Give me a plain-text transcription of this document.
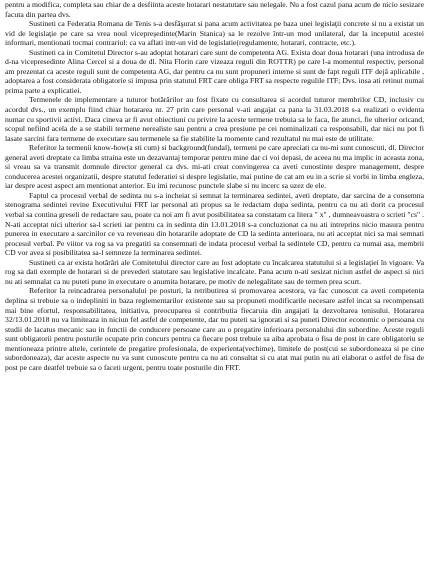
pentru a modifica, completa sau chiar de a desfiinta aceste hotarari nestatutare sau nelegale. Nu a fost cazul pana acum de niciо sesizare facuta din partea dvs.

Sustineti ca Federatia Romana de Tenis s-a desfăşurat si pana acum activitatea pe baza unei legislaţii concrete si nu a existat un vid de legislaţie pe care sa vrea noul vicepreşedinte(Marin Stanica) sa le rezolve într-un mod unilateral, dar la inceputul acestei informari, mentionati tocmai contrariul: ca va aflati intr-un vid de legislatie(regulamente, hotarari, contracte, etc.).

Sustineti ca in Comitetul Director s-au adoptat hotarari care sunt de competenta AG. Exista doar doua hotarari (una introdusa de d-na vicepresedinte Alina Cercel si a doua de dl. Nita Florin care vizeaza reguli din ROTTR) pe care l-a momentul respectiv, personal am prezentat ca aceste reguli sunt de competenta AG, dar pentru ca nu sunt propuneri interne si sunt de fapt reguli ITF dejă aplicabile , adoptarea a fost considerata obligatorie si impusa prin statutul FRT care obliga FRT sa respecte regulile ITF; Dvs. insa ati retinut numai prima parte a explicatiei.

Termenele de implementare a tuturor hotărârilor au fost fixate cu consultarea si acordul tuturor membrilor CD, inclusiv cu acordul dvs., un exemplu fiind chiar hotararea nr. 27 prin care personal v-ati angajat ca pana la 31.03.2018 s-a realizati o evidenta numar cu sportivii activi. Daca cineva ar fi avut obiectiuni cu privire la aceste termene trebuia sa le faca, fie atunci, fie ulterior oricand, scopul nefiind acela de a se stabili termene nerealiste sau pentru a crea presiune pe cei nominalizati ca responsabili, dar nici nu pot fi lasate sarcini fara termene de executare sau termenele sa fie stabilite la momente cand rezultatul nu mai este de utilitate.

Referitor la termenii know-how(a sti cum) si background(fundal), termeni pe care apreciati ca nu-mi sunt cunoscuti, dl. Director general aveti dreptate ca limba straina este un dezavantaj temporar pentru mine dar ci voi depasi, de aceea nu ma implic in aceasta zona, si vreau sa va transmit domnule director general ca dvs. mi-ati creat convingerea ca aveti cunostinte despre management, despre conducerea acestei organizatii, despre statutul federatiei si despre legislatie, mai putine de cat am eu in a scrie si vorbi in limba engleza, iar despre acest aspect am mentionat anterior. Eu imi recunosc punctele slabe si nu incerc sa uzez de ele.

Faptul ca procesul verbal de sedinta nu s-a incheiat si semnat la terminarea sedintei, aveti dreptate, dar sarcina de a consemna stenograma sedintei revine Executivului FRT iar personal ati propus sa le redactam dupa sedinta, pentru ca nu ati dorit ca procesul verbal sa contina greseli de redactare sau, poate ca noi am fi avut posibilitatea sa constatam ca litera " x" , dumneavoastra o scrieti "cs" . N-ati acceptat nici ulterior sa-l scrieti iar pentru ca in sedinta din 13.01.2018 s-a concluzionat ca nu ati intreprins nicio masura pentru punerea in executare a sarcinilor ce va reveneau din hotararile adoptate de CD la sedinta anterioara, nu ati acceptat nici sa mai semnati procesul verbal. Pe viitor va rog sa va pregatiti sa consemnati de indata procesul verbal la sedintele CD, pentru ca numai asa, membrii CD vor avea si posibilitatea sa-l semneze la terminarea sedintei.

Sustineti ca ar exista hotărâri ale Comitetului director care au fost adoptate cu încalcarea statutului si a legislaţiei în vigoare. Va rog sa dati exemple de hotarari si de prevederi statutare sau legislative incalcate. Pana acum n-ati sesizat niciun astfel de aspect si nici nu ati semnalat ca nu puteti pune in executare o anumita hotarare, pe motiv de nelegalitate sau de termen prea scurt.

Referitor la reincadrarea personalului pe posturi, la retributirea si promovarea acestora, va fac cunoscut ca aveti competenta deplina si trebuie sa o indepliniti in baza reglementarilor existente sau sa propuneti modificarile necesare astfel incat sa recompensati mai bine efortul, responsabilitatea, initiativa, preocuparea si contributia fiecaruia din angajati la dezvoltarea tenisului. Hotararea 32/13.01.2018 nu va limiteaza in niciun fel astfel de competente, dar nu puteti sa ignorati si sa puneti Director economic o persoana cu studii de lacatus mecanic sau in functii de conducere persoane care au o pregatire inferioara personalului din subordine. Aceste reguli sunt obligatorii pentru posturile ocupate prin concurs pentru ca fiecare post trebuie sa aiba aprobata o fisa de post in care obligatoriu se mentioneaza printre altele, cerintele de pregatire profesionala, de experienta(vechime), limitele de post(cui se subordoneaza si pe cine subordoneaza), dar aceste aspecte nu va sunt cunoscute pentru ca nu ati consultat si cu atat mai putin nu ati elaborat o astfel de fisa de post pe care deatfel trebuie sa o faceti urgent, pentru toate posturile din FRT.
